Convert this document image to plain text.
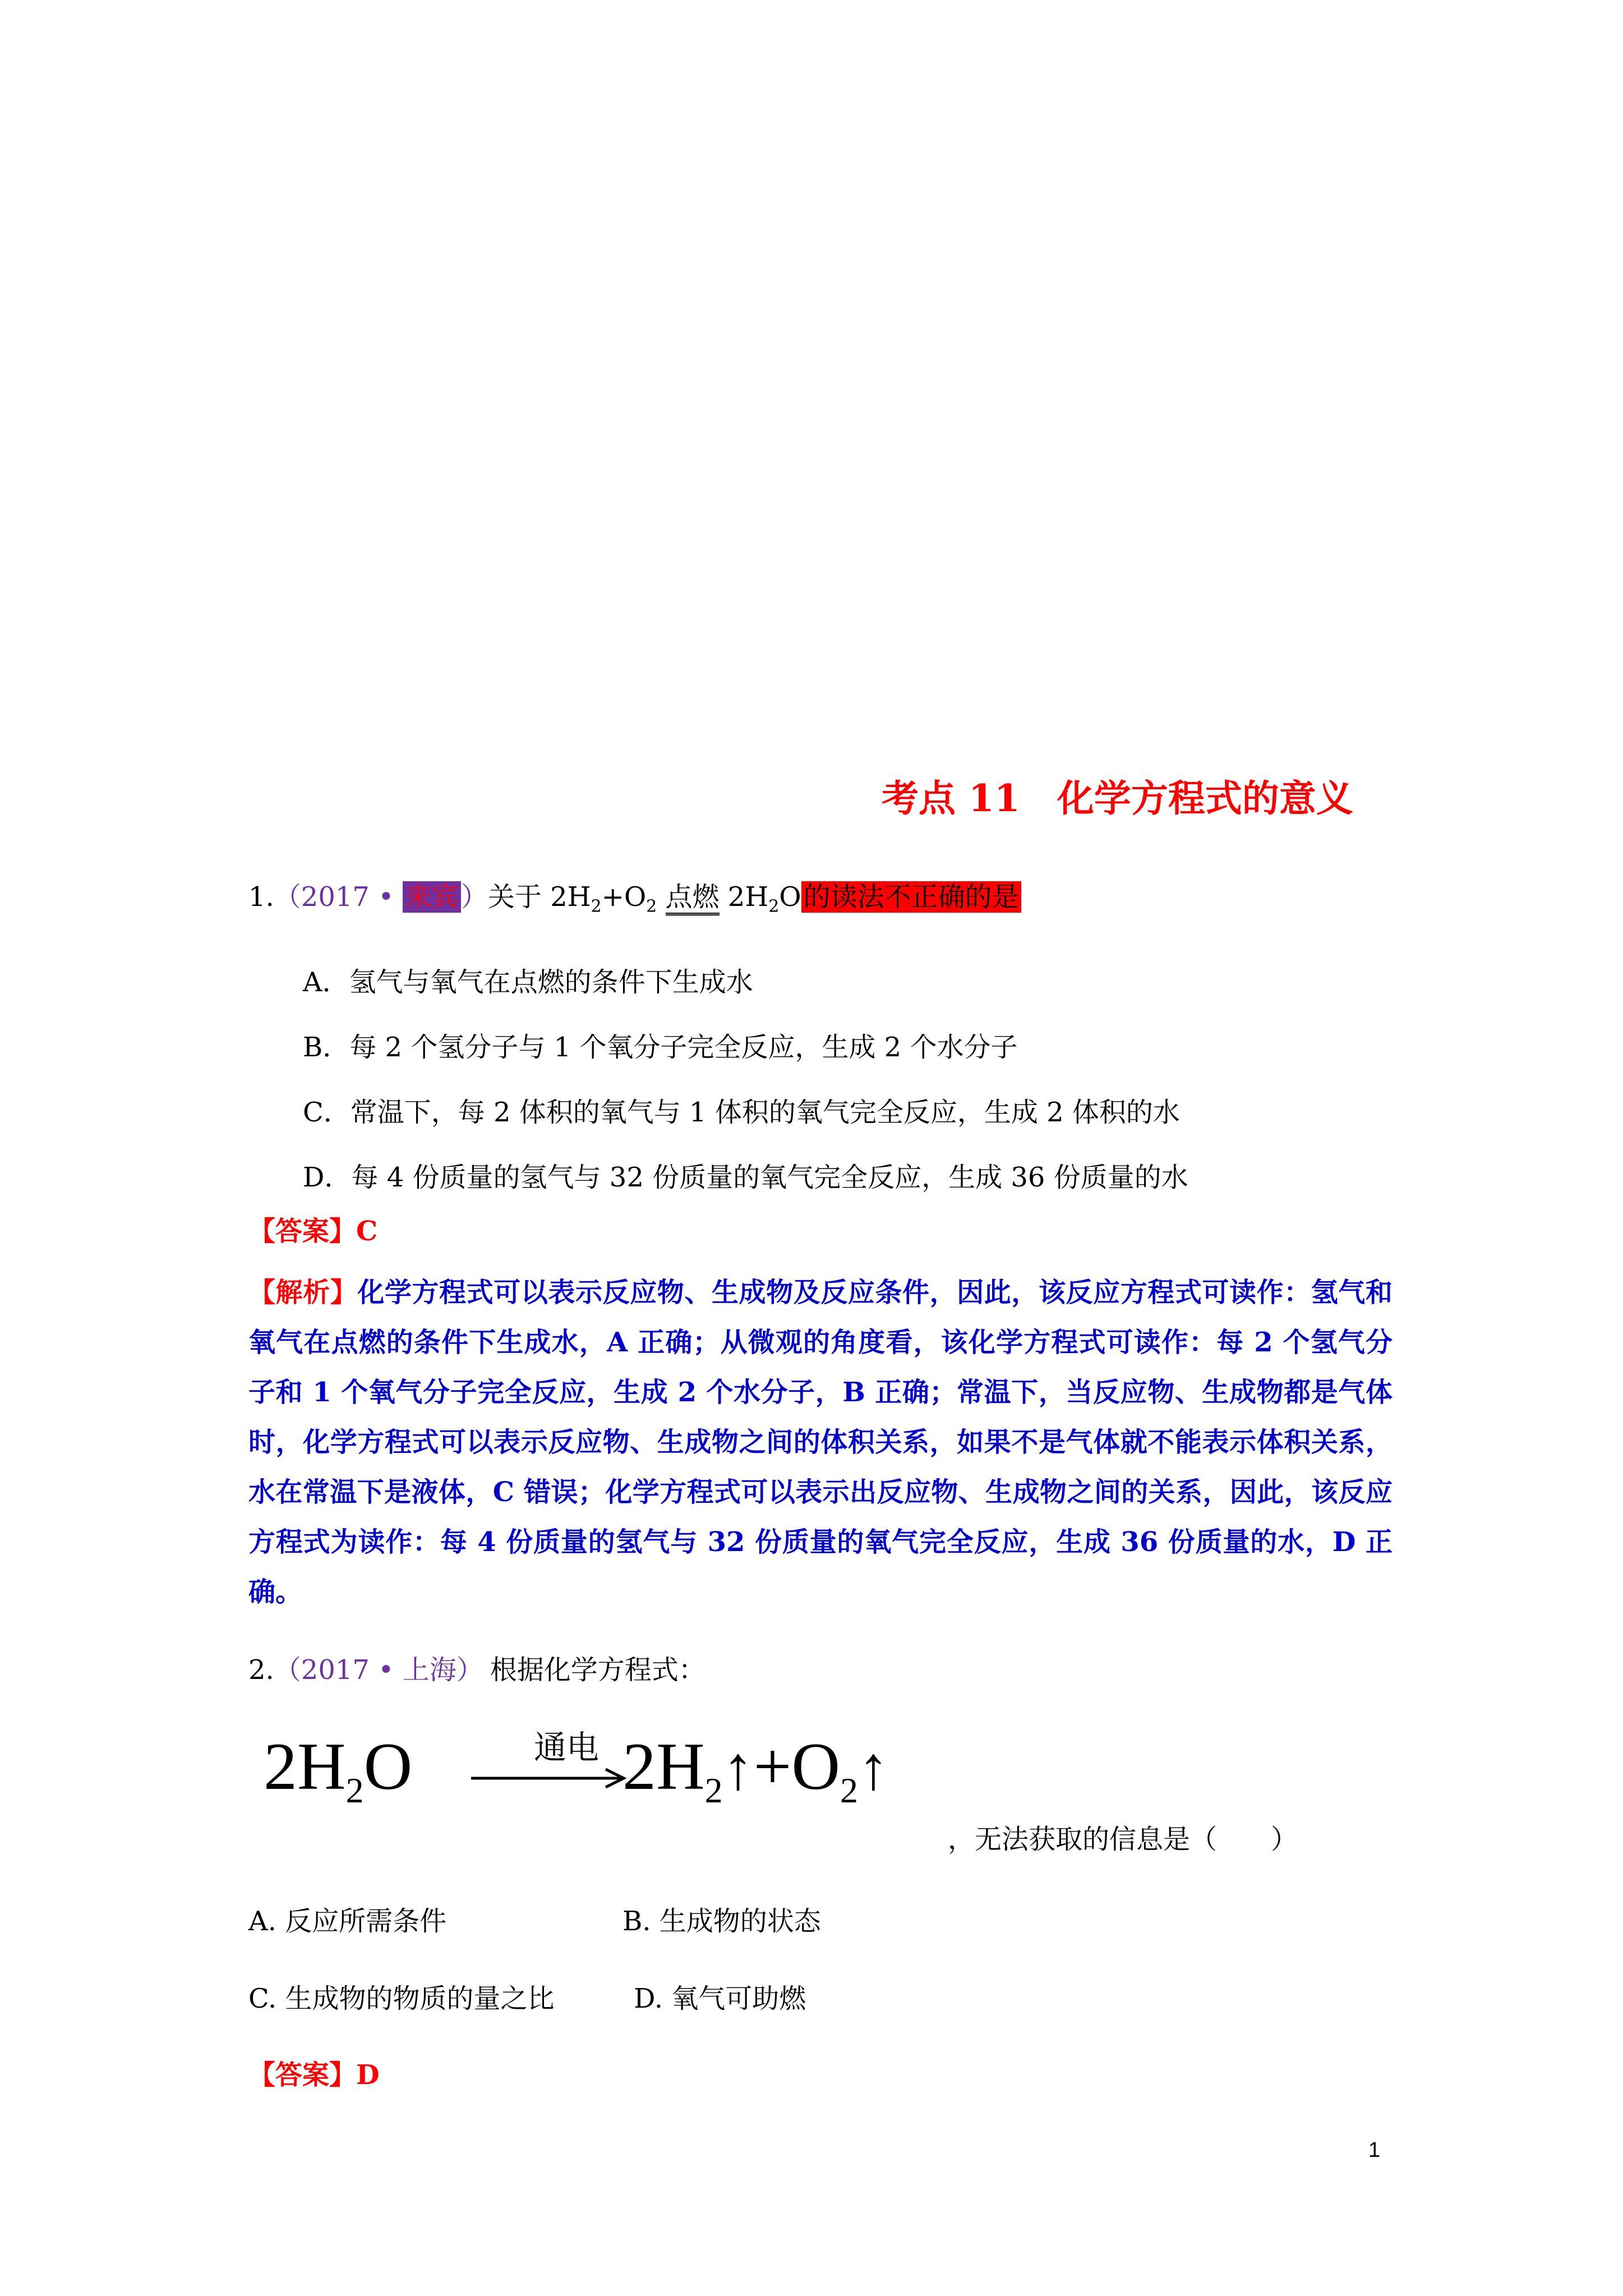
考点 11　化学方程式的意义
1.（2017 • 来宾）关于 $2H_2+O_2$ 点燃 $2H_2O$的读法不正确的是
A．氢气与氧气在点燃的条件下生成水
B．每 2 个氢分子与 1 个氧分子完全反应，生成 2 个水分子
C．常温下，每 2 体积的氧气与 1 体积的氧气完全反应，生成 2 体积的水
D．每 4 份质量的氢气与 32 份质量的氧气完全反应，生成 36 份质量的水
【答案】C
【解析】化学方程式可以表示反应物、生成物及反应条件，因此，该反应方程式可读作：氢气和氧气在点燃的条件下生成水，A 正确；从微观的角度看，该化学方程式可读作：每 2 个氢气分子和 1 个氧气分子完全反应，生成 2 个水分子，B 正确；常温下，当反应物、生成物都是气体时，化学方程式可以表示反应物、生成物之间的体积关系，如果不是气体就不能表示体积关系，水在常温下是液体，C 错误；化学方程式可以表示出反应物、生成物之间的关系，因此，该反应方程式为读作：每 4 份质量的氢气与 32 份质量的氧气完全反应，生成 36 份质量的水，D 正确。
2.（2017 • 上海） 根据化学方程式：
$2H_2O$	通电 $2H_2↑+O_2↑$
，无法获取的信息是（　　）
A. 反应所需条件	B. 生成物的状态
C. 生成物的物质的量之比	D. 氧气可助燃
【答案】D
1
